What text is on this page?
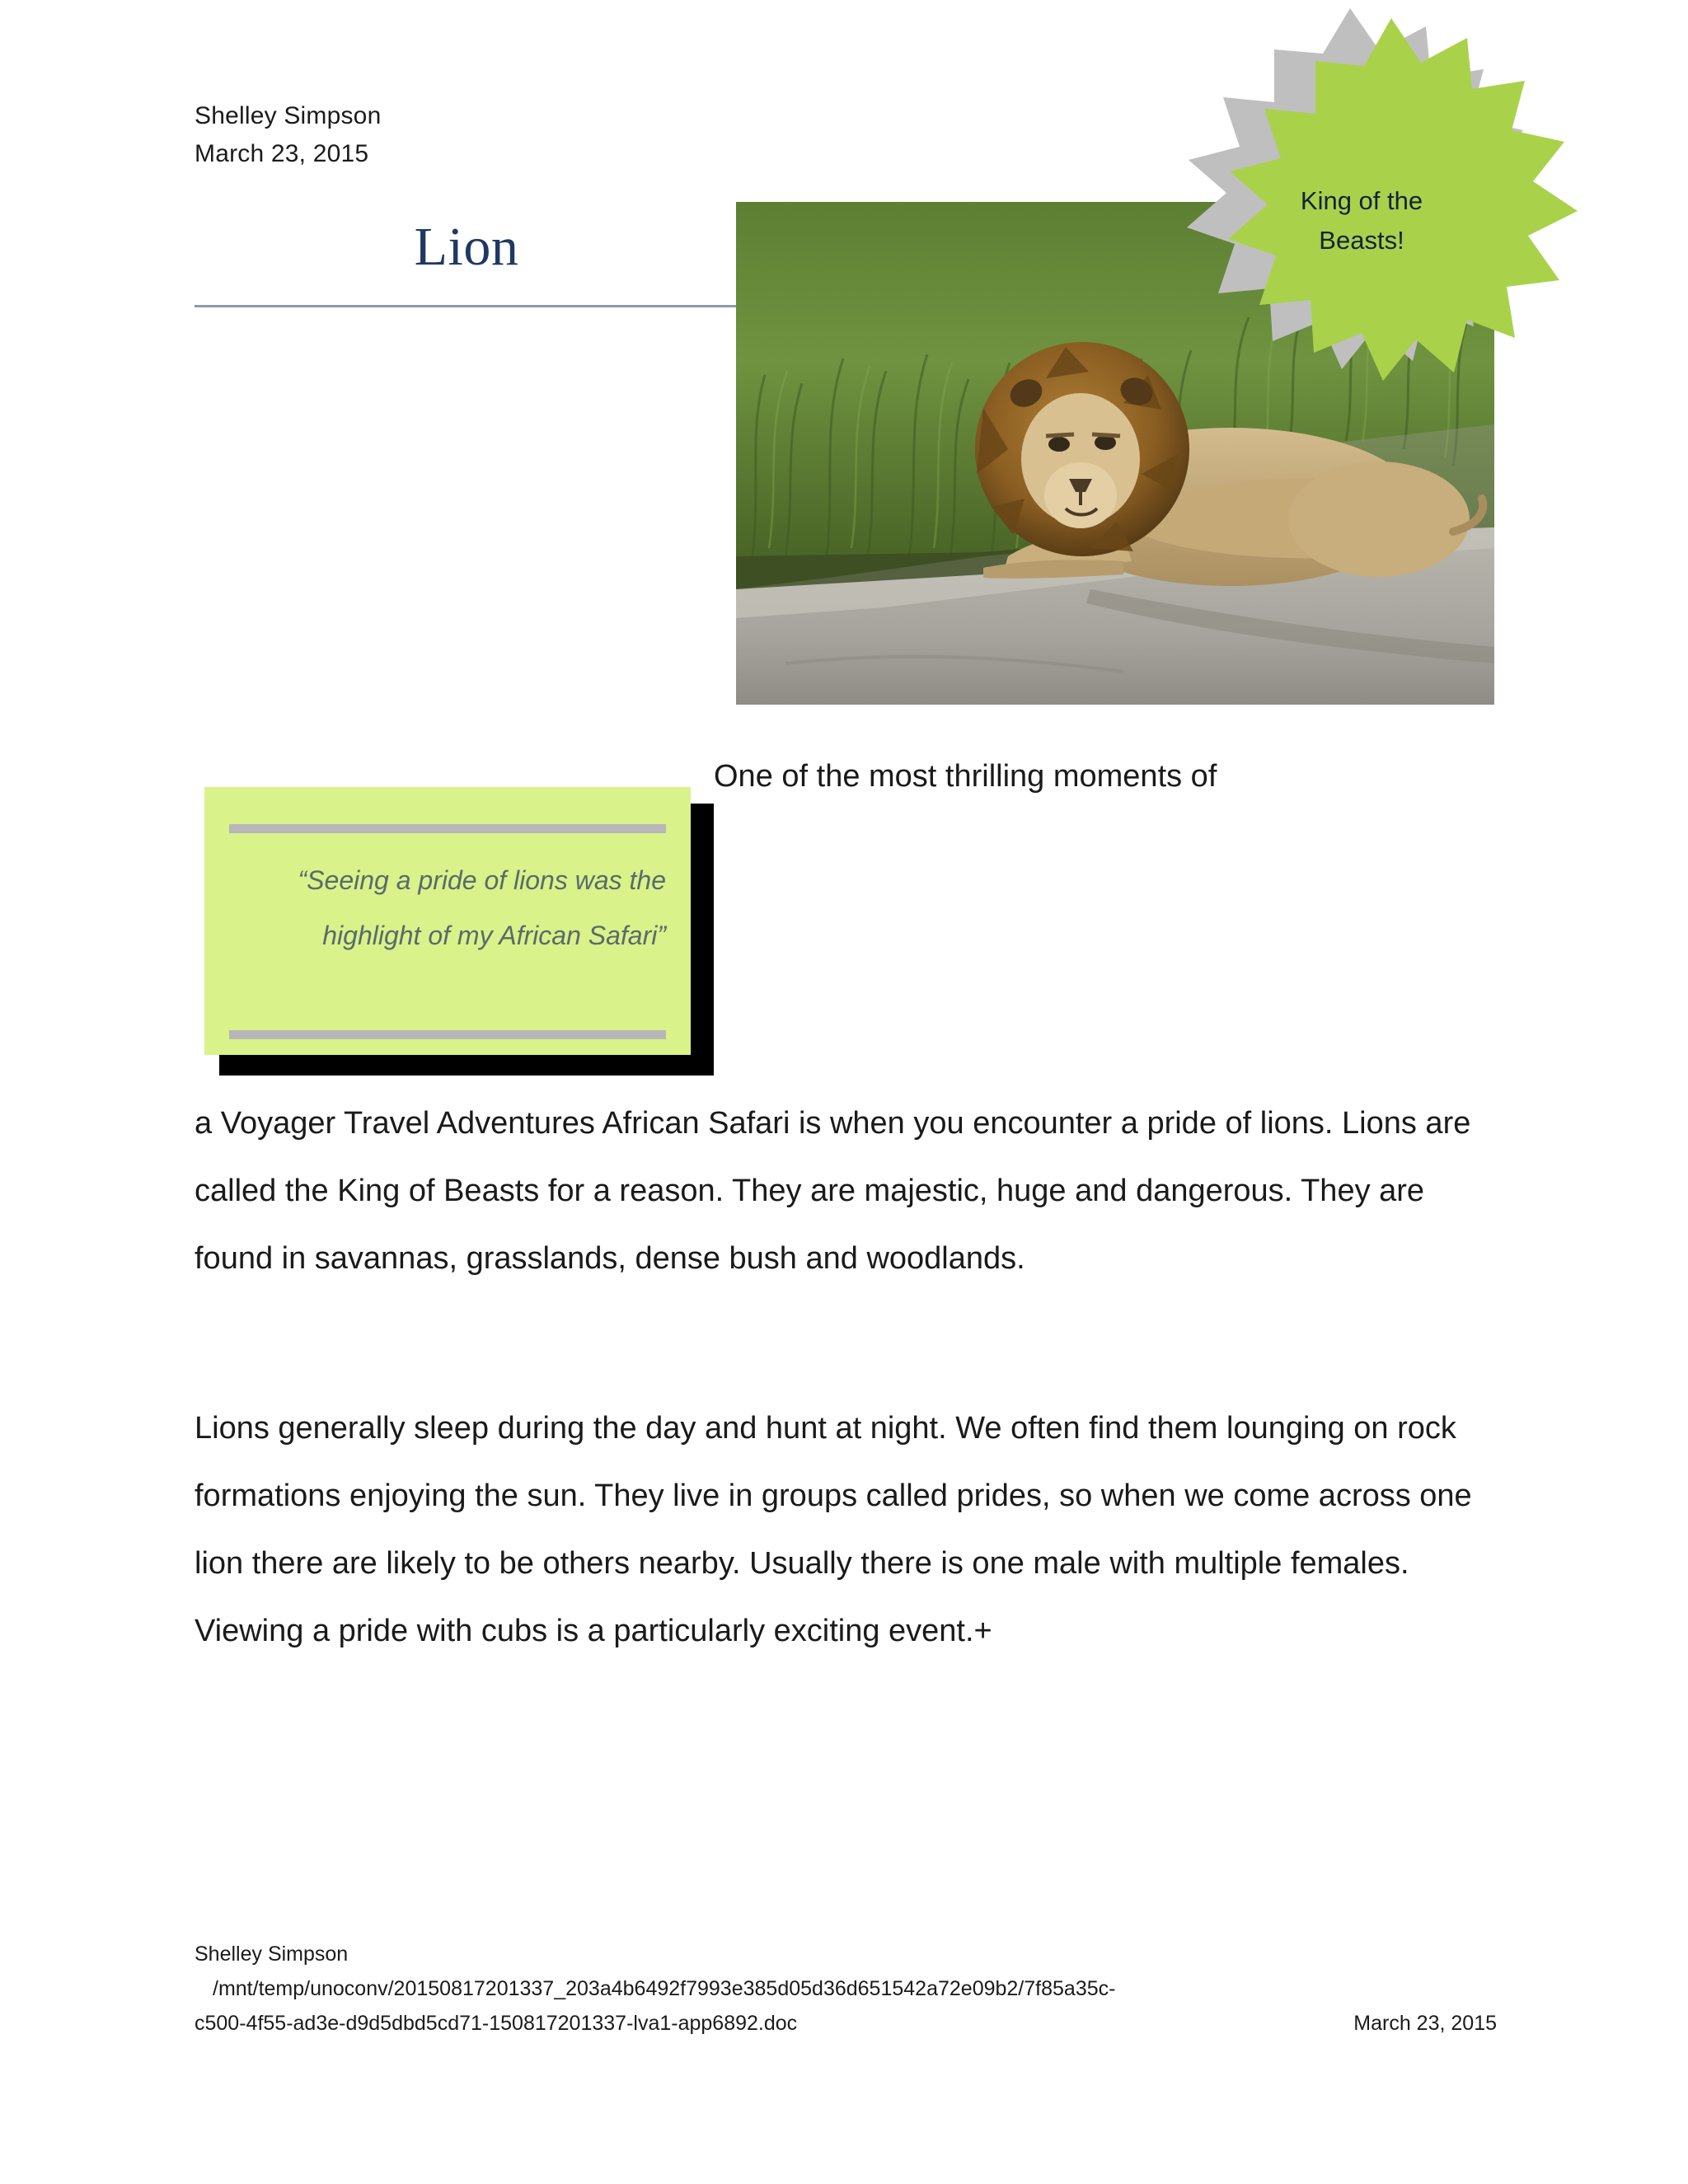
Shelley Simpson
March 23, 2015
Lion
King of the
Beasts!
One of the most thrilling moments of
“Seeing a pride of lions was the highlight of my African Safari”
a Voyager Travel Adventures African Safari is when you encounter a pride of lions. Lions are called the King of Beasts for a reason. They are majestic, huge and dangerous. They are found in savannas, grasslands, dense bush and woodlands.
Lions generally sleep during the day and hunt at night. We often find them lounging on rock formations enjoying the sun. They live in groups called prides, so when we come across one lion there are likely to be others nearby. Usually there is one male with multiple females. Viewing a pride with cubs is a particularly exciting event.+
Shelley Simpson
/mnt/temp/unoconv/20150817201337_203a4b6492f7993e385d05d36d651542a72e09b2/7f85a35c-
c500-4f55-ad3e-d9d5dbd5cd71-150817201337-lva1-app6892.doc	March 23, 2015
